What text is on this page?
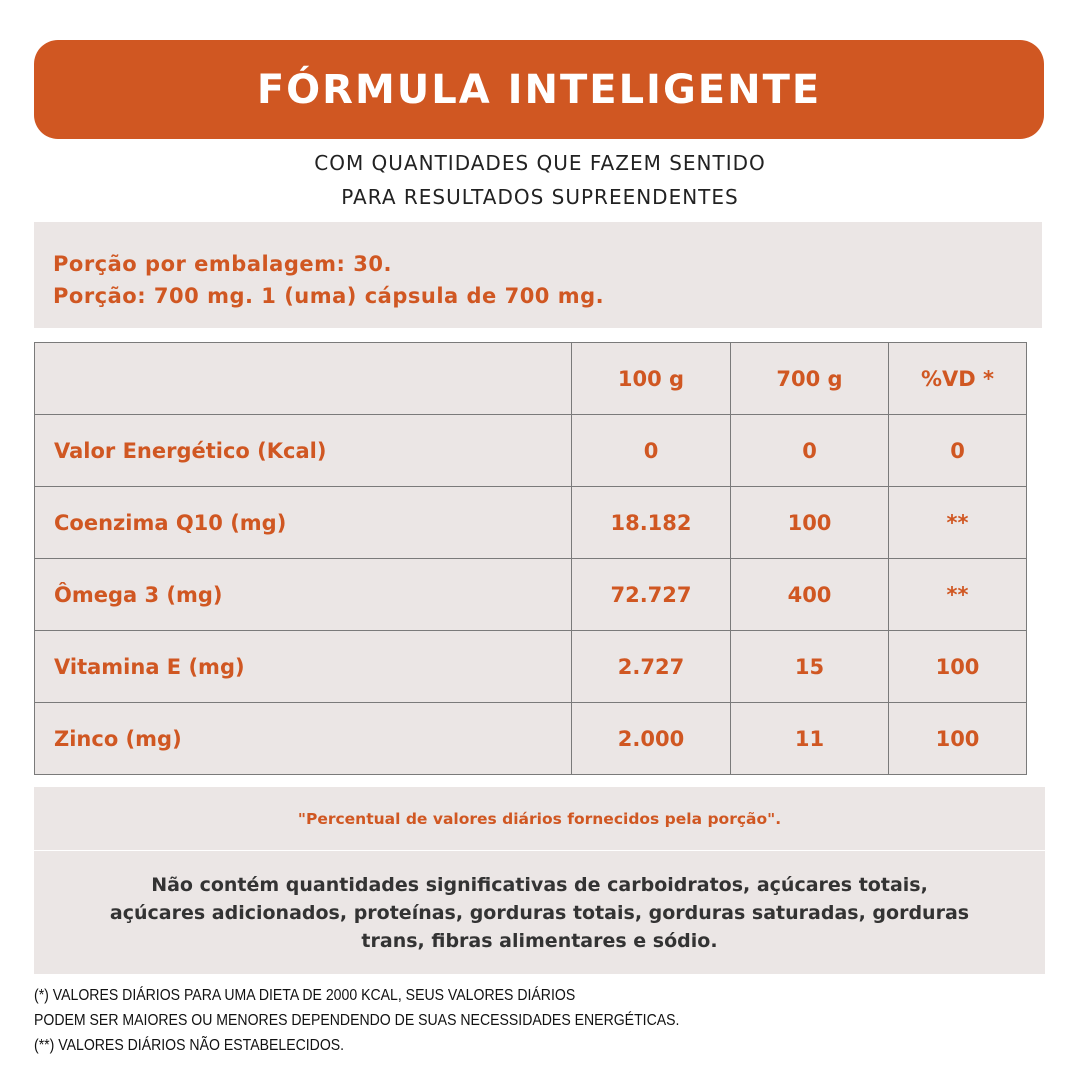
FÓRMULA INTELIGENTE
COM QUANTIDADES QUE FAZEM SENTIDO
PARA RESULTADOS SUPREENDENTES
Porção por embalagem: 30.
Porção: 700 mg. 1 (uma) cápsula de 700 mg.
	100 g	700 g	%VD *
Valor Energético (Kcal)	0	0	0
Coenzima Q10 (mg)	18.182	100	**
Ômega 3 (mg)	72.727	400	**
Vitamina E (mg)	2.727	15	100
Zinco (mg)	2.000	11	100
"Percentual de valores diários fornecidos pela porção".

Não contém quantidades significativas de carboidratos, açúcares totais, açúcares adicionados, proteínas, gorduras totais, gorduras saturadas, gorduras trans, fibras alimentares e sódio.

(*) VALORES DIÁRIOS PARA UMA DIETA DE 2000 KCAL, SEUS VALORES DIÁRIOS
PODEM SER MAIORES OU MENORES DEPENDENDO DE SUAS NECESSIDADES ENERGÉTICAS.
(**) VALORES DIÁRIOS NÃO ESTABELECIDOS.
